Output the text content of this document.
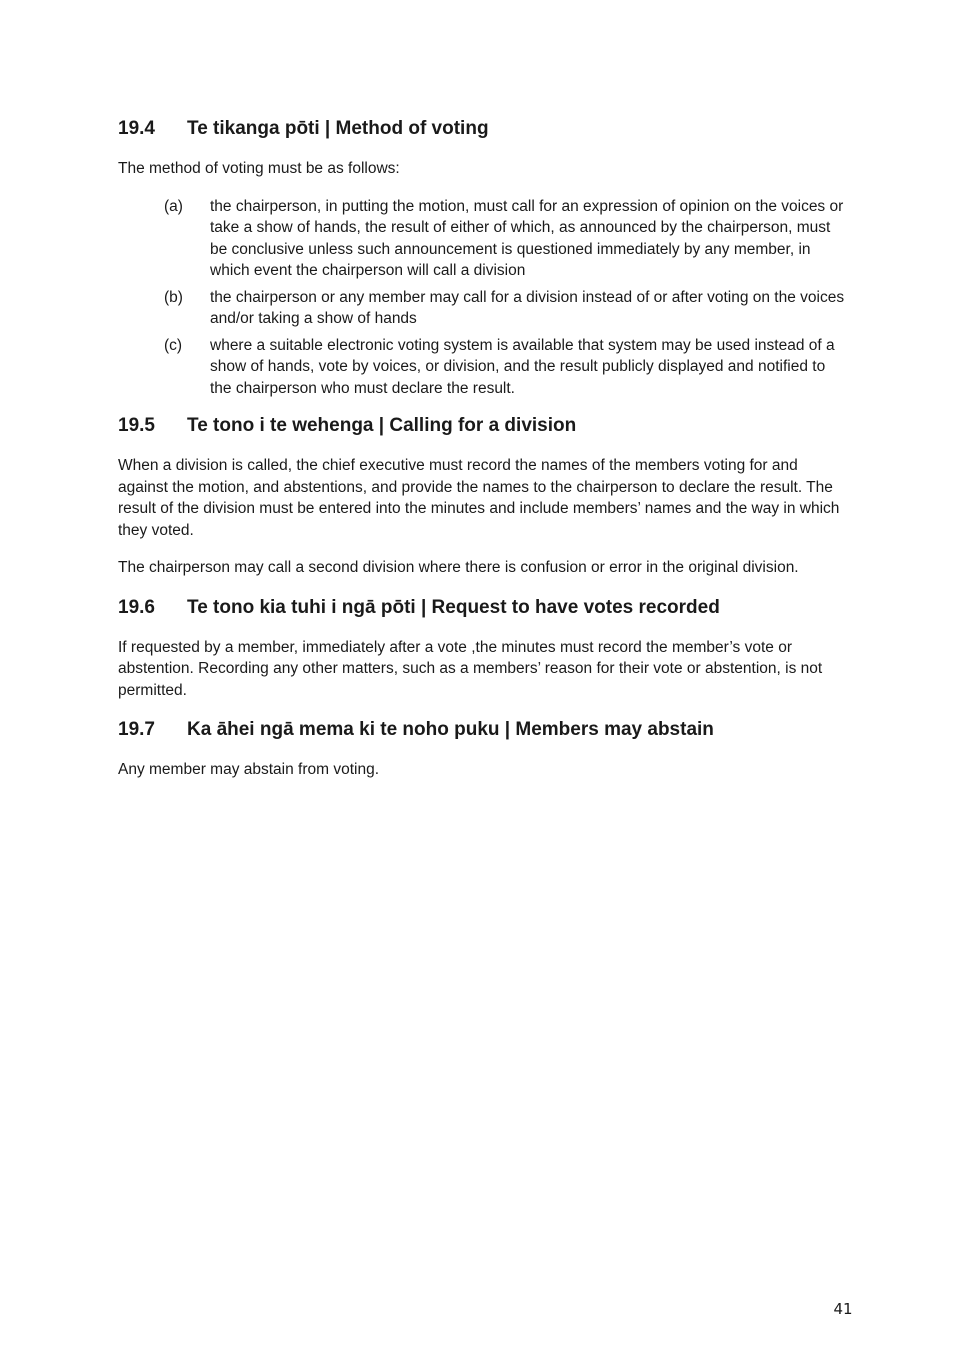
19.4	Te tikanga pōti | Method of voting

The method of voting must be as follows:

(a)	the chairperson, in putting the motion, must call for an expression of opinion on the voices or take a show of hands, the result of either of which, as announced by the chairperson, must be conclusive unless such announcement is questioned immediately by any member, in which event the chairperson will call a division
(b)	the chairperson or any member may call for a division instead of or after voting on the voices and/or taking a show of hands
(c)	where a suitable electronic voting system is available that system may be used instead of a show of hands, vote by voices, or division, and the result publicly displayed and notified to the chairperson who must declare the result.
19.5	Te tono i te wehenga | Calling for a division

When a division is called, the chief executive must record the names of the members voting for and against the motion, and abstentions, and provide the names to the chairperson to declare the result. The result of the division must be entered into the minutes and include members’ names and the way in which they voted.

The chairperson may call a second division where there is confusion or error in the original division.

19.6	Te tono kia tuhi i ngā pōti | Request to have votes recorded

If requested by a member, immediately after a vote ,the minutes must record the member’s vote or abstention. Recording any other matters, such as a members’ reason for their vote or abstention, is not permitted.

19.7	Ka āhei ngā mema ki te noho puku | Members may abstain

Any member may abstain from voting.

41
